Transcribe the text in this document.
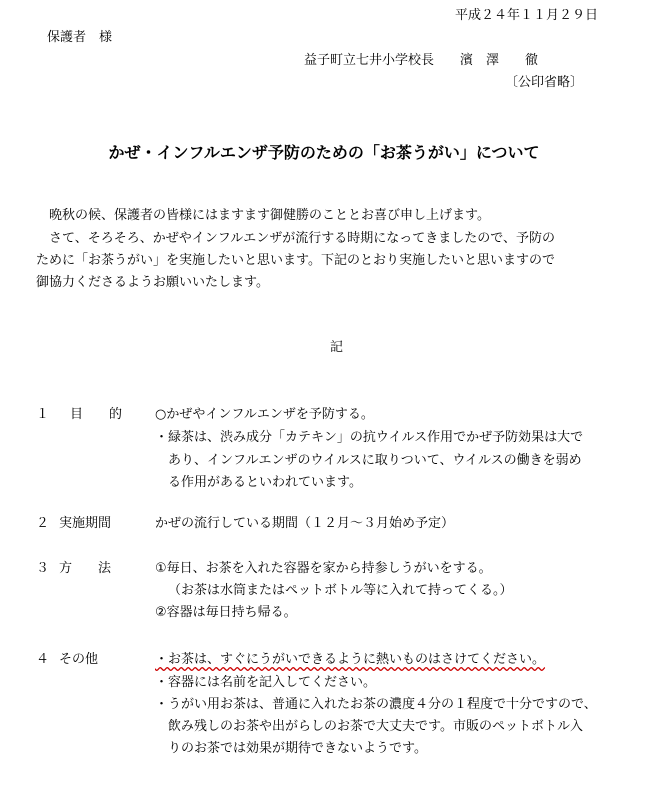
平成２４年１１月２９日
保護者　様
益子町立七井小学校長　　濱　澤　　徹
〔公印省略〕
かぜ・インフルエンザ予防のための「お茶うがい」について
　晩秋の候、保護者の皆様にはますます御健勝のこととお喜び申し上げます。
　さて、そろそろ、かぜやインフルエンザが流行する時期になってきましたので、予防の
ために「お茶うがい」を実施したいと思います。下記のとおり実施したいと思いますので
御協力くださるようお願いいたします。
記
１ 目　　的	○かぜやインフルエンザを予防する。
・緑茶は、渋み成分「カテキン」の抗ウイルス作用でかぜ予防効果は大で
あり、インフルエンザのウイルスに取りついて、ウイルスの働きを弱め
る作用があるといわれています。
２ 実施期間	かぜの流行している期間（１２月～３月始め予定）
３ 方　　法	①毎日、お茶を入れた容器を家から持参しうがいをする。
（お茶は水筒またはペットボトル等に入れて持ってくる。）
②容器は毎日持ち帰る。
４ その他	・お茶は、すぐにうがいできるように熱いものはさけてください。
・容器には名前を記入してください。
・うがい用お茶は、普通に入れたお茶の濃度４分の１程度で十分ですので、
飲み残しのお茶や出がらしのお茶で大丈夫です。市販のペットボトル入
りのお茶では効果が期待できないようです。
